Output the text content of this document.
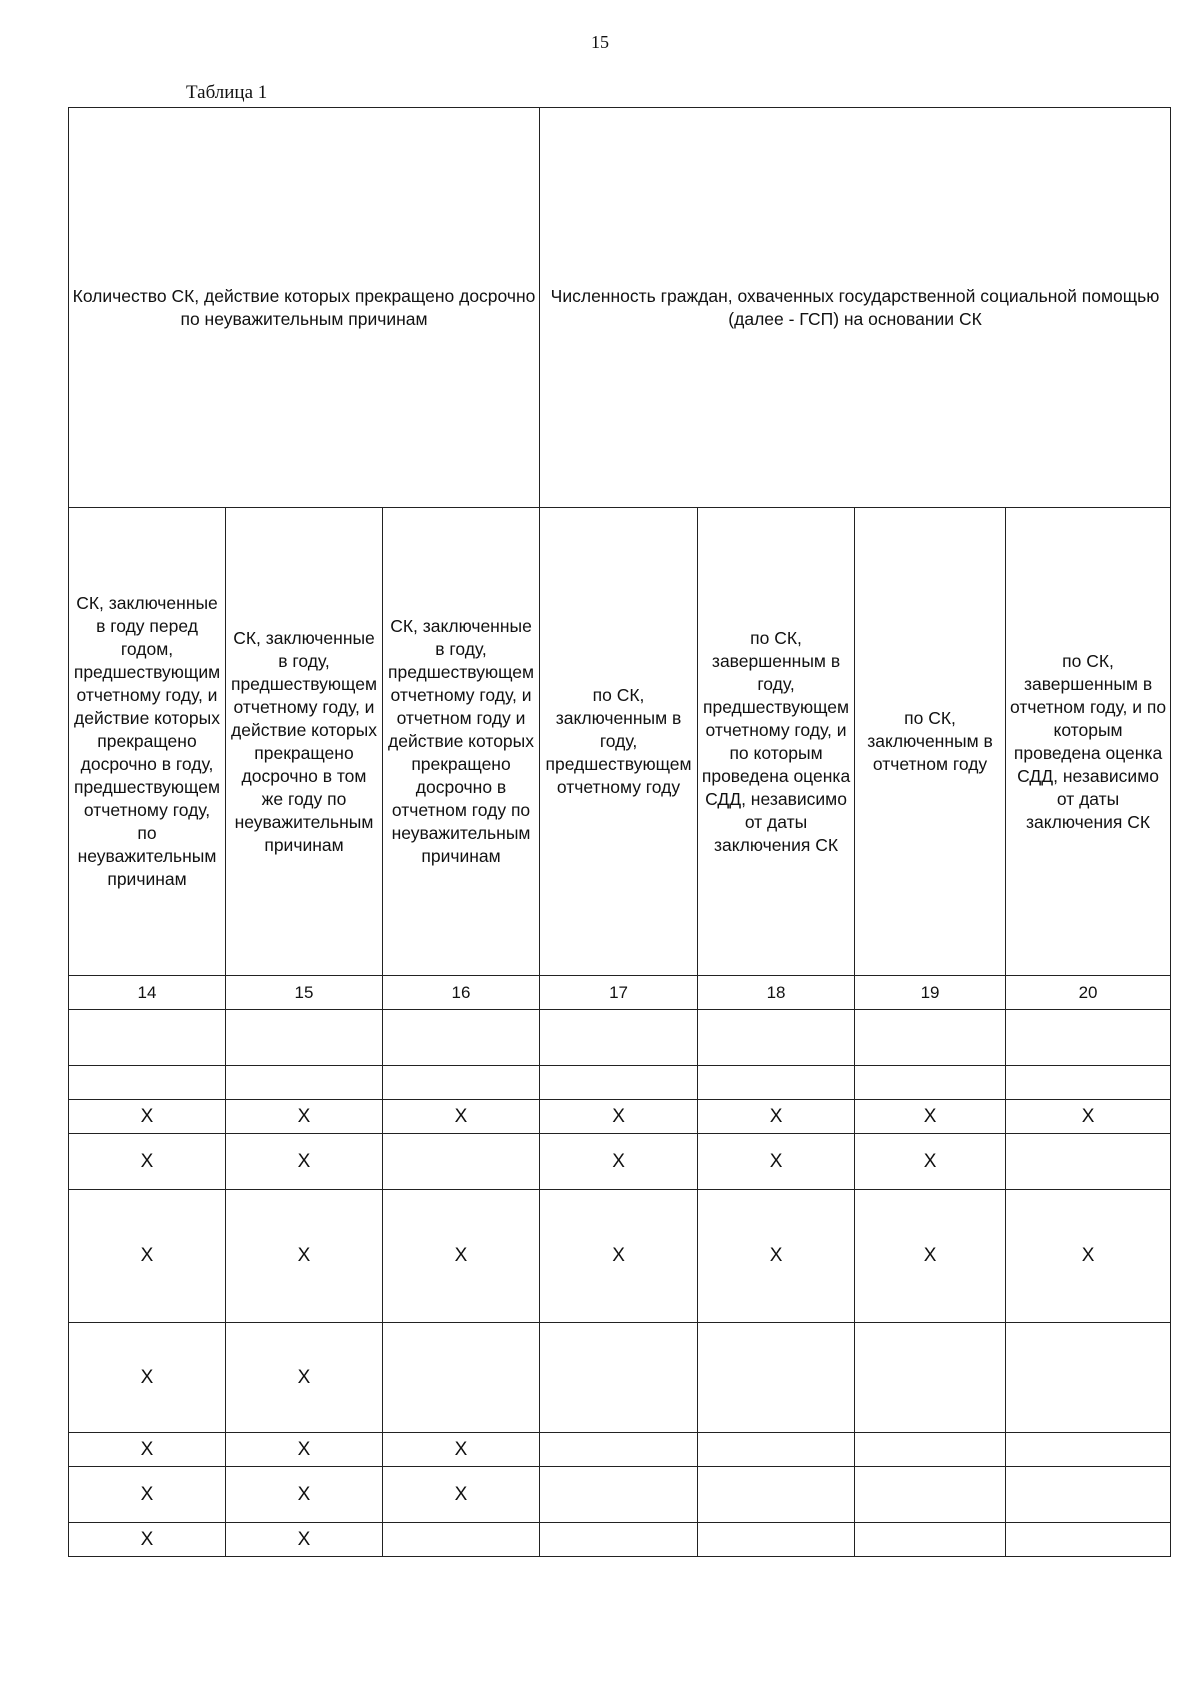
15
Таблица 1
Количество СК, действие которых прекращено досрочно по неуважительным причинам			Численность граждан, охваченных государственной социальной помощью (далее - ГСП) на основании СК			
СК, заключенные в году перед годом, предшествующим отчетному году, и действие которых прекращено досрочно в году, предшествующем отчетному году, по неуважительным причинам	СК, заключенные в году, предшествующем отчетному году, и действие которых прекращено досрочно в том же году по неуважительным причинам	СК, заключенные в году, предшествующем отчетному году, и отчетном году и действие которых прекращено досрочно в отчетном году по неуважительным причинам	по СК, заключенным в году, предшествующем отчетному году	по СК, завершенным в году, предшествующем отчетному году, и по которым проведена оценка СДД, независимо от даты заключения СК	по СК, заключенным в отчетном году	по СК, завершенным в отчетном году, и по которым проведена оценка СДД, независимо от даты заключения СК
14	15	16	17	18	19	20

X	X	X	X	X	X	X
X	X		X	X	X	
X	X	X	X	X	X	X
X	X					
X	X	X				
X	X	X				
X	X					
